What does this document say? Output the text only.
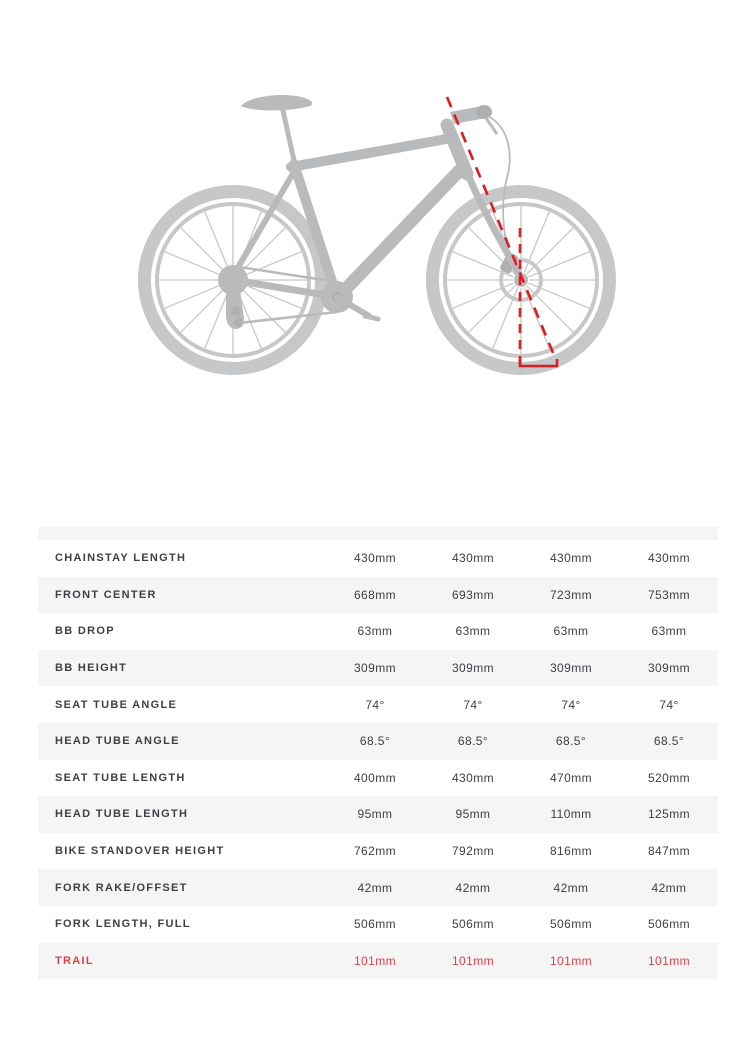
CHAINSTAY LENGTH	430mm	430mm	430mm	430mm
FRONT CENTER	668mm	693mm	723mm	753mm
BB DROP	63mm	63mm	63mm	63mm
BB HEIGHT	309mm	309mm	309mm	309mm
SEAT TUBE ANGLE	74°	74°	74°	74°
HEAD TUBE ANGLE	68.5°	68.5°	68.5°	68.5°
SEAT TUBE LENGTH	400mm	430mm	470mm	520mm
HEAD TUBE LENGTH	95mm	95mm	110mm	125mm
BIKE STANDOVER HEIGHT	762mm	792mm	816mm	847mm
FORK RAKE/OFFSET	42mm	42mm	42mm	42mm
FORK LENGTH, FULL	506mm	506mm	506mm	506mm
TRAIL	101mm	101mm	101mm	101mm
